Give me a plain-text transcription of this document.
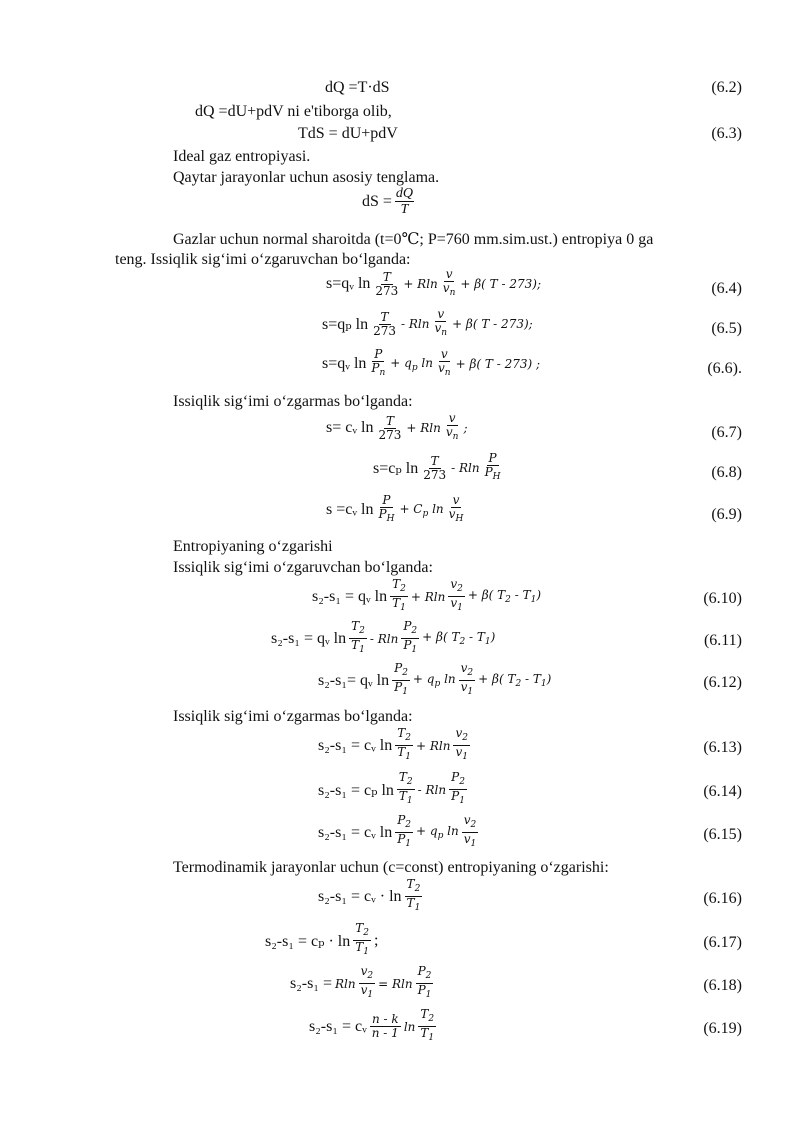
dQ =T·dS	(6.2)
dQ =dU+pdV ni e'tiborga olib,
TdS = dU+pdV	(6.3)
Ideal gaz entropiyasi.
Qaytar jarayonlar uchun asosiy tenglama.
dS = $\frac{dQ}{T}$
Gazlar uchun normal sharoitda (t=0℃; P=760 mm.sim.ust.) entropiya 0 ga
teng. Issiqlik sig‘imi o‘zgaruvchan bo‘lganda:
s=qᵥ $\ln \frac{T}{273} + Rln \frac{v}{v_n} + \beta$( T - 273);	(6.4)
s=qₚ $\ln \frac{T}{273} - Rln \frac{v}{v_n} + \beta$( T - 273);	(6.5)
s=qᵥ $\ln \frac{P}{P_n} + q_p$ $\ln \frac{v}{v_n} + \beta$( T - 273) ;	(6.6).
Issiqlik sig‘imi o‘zgarmas bo‘lganda:
s= cᵥ $\ln \frac{T}{273} + Rln \frac{v}{v_n}$ ;	(6.7)
s=cₚ $\ln \frac{T}{273}$ - Rln $\frac{P}{P_H}$	(6.8)
s =cᵥ $\ln \frac{P}{P_H} + C_p$ $\ln \frac{v}{v_H}$	(6.9)
Entropiyaning o‘zgarishi
Issiqlik sig‘imi o‘zgaruvchan bo‘lganda:
s₂-s₁ = qᵥ $\ln \frac{T_2}{T_1} + Rln \frac{v_2}{v_1} + \beta$( $T_2 - T_1$)	(6.10)
s₂-s₁ = qᵥ $\ln \frac{T_2}{T_1} - Rln \frac{P_2}{P_1} + \beta$( $T_2 - T_1$)	(6.11)
s₂-s₁= qᵥ $\ln \frac{P_2}{P_1} + q_p$ $\ln \frac{v_2}{v_1} + \beta$( $T_2 - T_1$)	(6.12)
Issiqlik sig‘imi o‘zgarmas bo‘lganda:
s₂-s₁ = cᵥ $\ln \frac{T_2}{T_1} + Rln \frac{v_2}{v_1}$	(6.13)
s₂-s₁ = cₚ $\ln \frac{T_2}{T_1}$ - Rln $\frac{P_2}{P_1}$	(6.14)
s₂-s₁ = cᵥ $\ln \frac{P_2}{P_1} + q_p$ $\ln \frac{v_2}{v_1}$	(6.15)
Termodinamik jarayonlar uchun (c=const) entropiyaning o‘zgarishi:
s₂-s₁ = cᵥ · $\ln \frac{T_2}{T_1}$	(6.16)
$s_2-s_1 = c_p \cdot \ln \frac{T_2}{T_1}$ ;	(6.17)
s₂-s₁ = Rln $\frac{v_2}{v_1} = Rln \frac{P_2}{P_1}$	(6.18)
s₂-s₁ = cᵥ $\frac{n - k}{n - 1}$ $\ln \frac{T_2}{T_1}$	(6.19)
